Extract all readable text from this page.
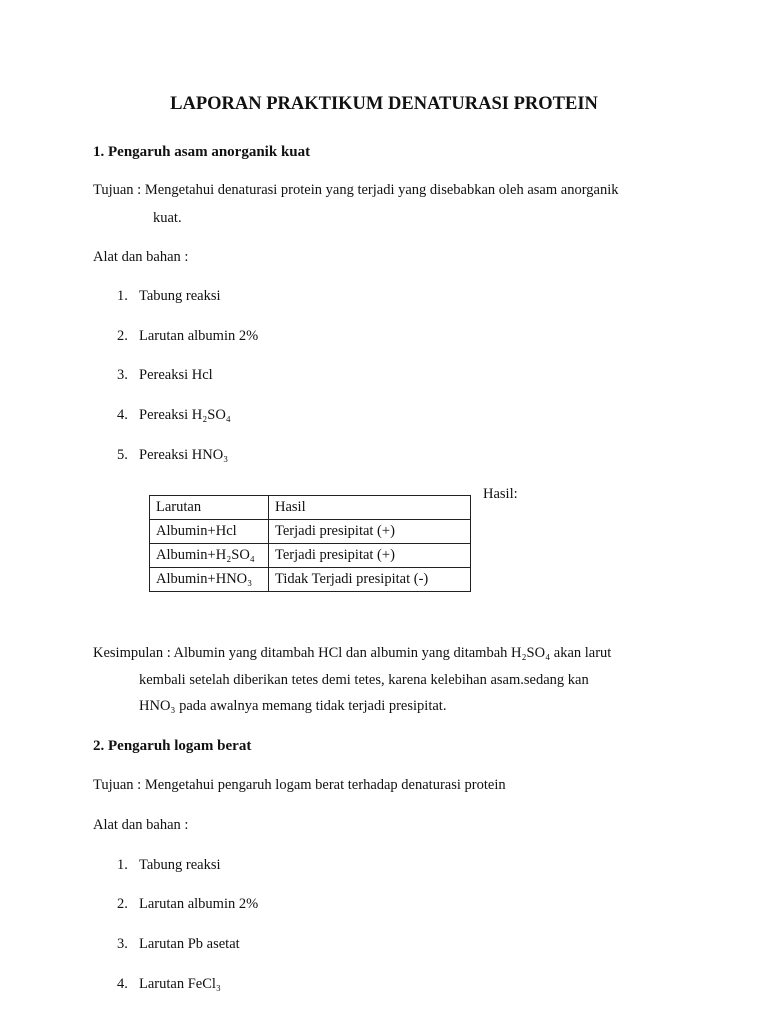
LAPORAN PRAKTIKUM DENATURASI PROTEIN
1. Pengaruh asam anorganik kuat
Tujuan : Mengetahui denaturasi protein yang terjadi yang disebabkan oleh asam anorganik
kuat.
Alat dan bahan :
1. Tabung reaksi
2. Larutan albumin 2%
3. Pereaksi Hcl
4. Pereaksi H₂SO₄
5. Pereaksi HNO₃
Hasil:
Larutan	Hasil
Albumin+Hcl	Terjadi presipitat (+)
Albumin+H₂SO₄	Terjadi presipitat (+)
Albumin+HNO₃	Tidak Terjadi presipitat (-)
Kesimpulan : Albumin yang ditambah HCl dan albumin yang ditambah H₂SO₄ akan larut
kembali setelah diberikan tetes demi tetes, karena kelebihan asam.sedang kan
HNO₃ pada awalnya memang tidak terjadi presipitat.
2. Pengaruh logam berat
Tujuan : Mengetahui pengaruh logam berat terhadap denaturasi protein
Alat dan bahan :
1. Tabung reaksi
2. Larutan albumin 2%
3. Larutan Pb asetat
4. Larutan FeCl₃
